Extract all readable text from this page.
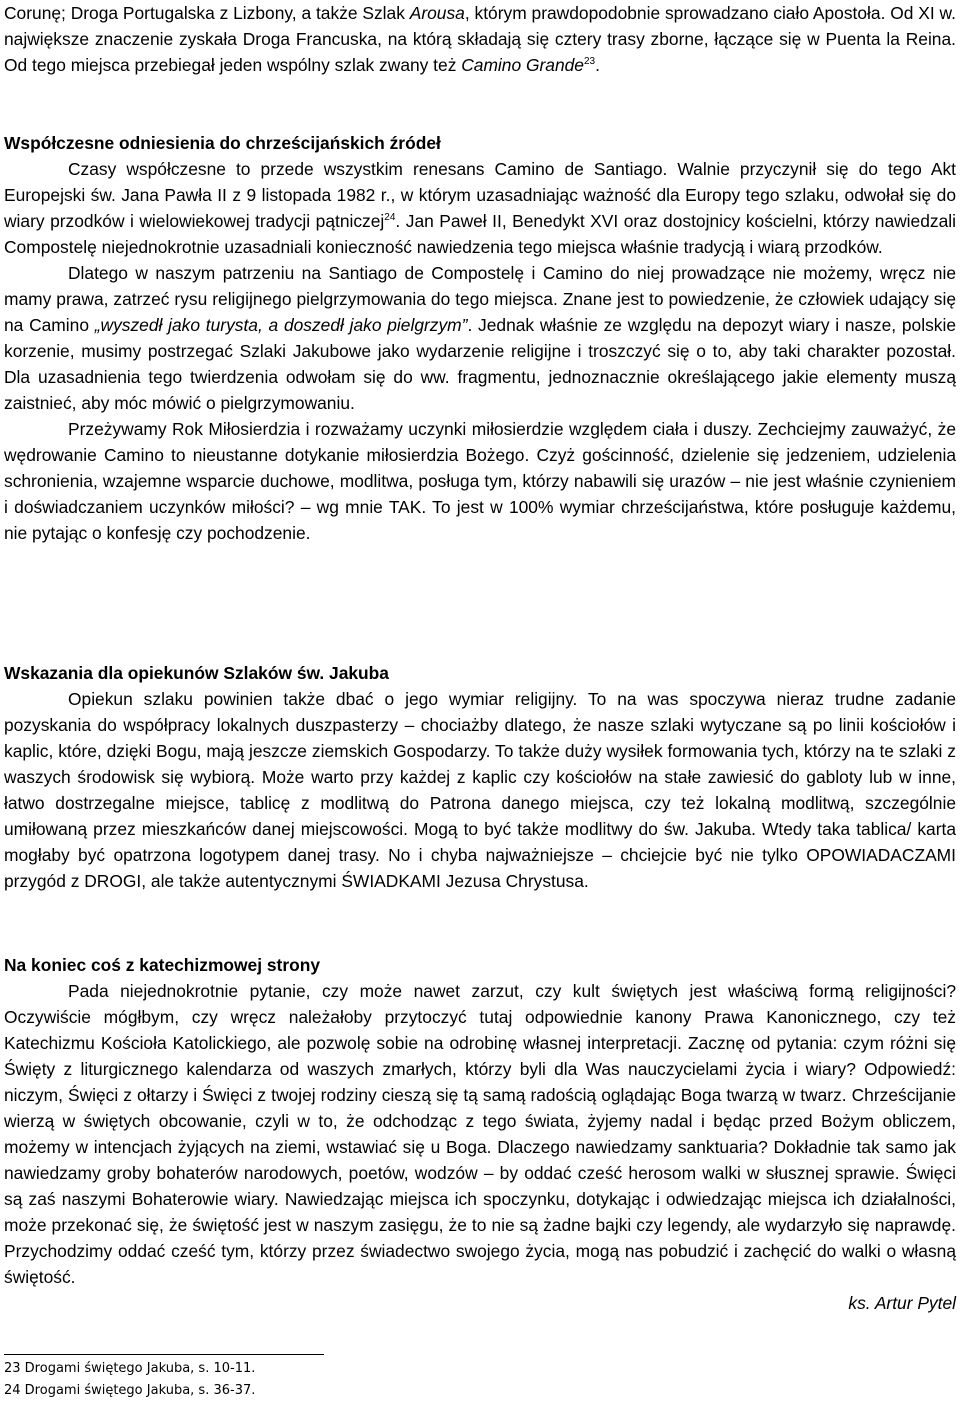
Corunę; Droga Portugalska z Lizbony, a także Szlak Arousa, którym prawdopodobnie sprowadzano ciało Apostoła. Od XI w. największe znaczenie zyskała Droga Francuska, na którą składają się cztery trasy zborne, łączące się w Puenta la Reina. Od tego miejsca przebiegał jeden wspólny szlak zwany też Camino Grande$^{23}$.

Współczesne odniesienia do chrześcijańskich źródeł

Czasy współczesne to przede wszystkim renesans Camino de Santiago. Walnie przyczynił się do tego Akt Europejski św. Jana Pawła II z 9 listopada 1982 r., w którym uzasadniając ważność dla Europy tego szlaku, odwołał się do wiary przodków i wielowiekowej tradycji pątniczej$^{24}$. Jan Paweł II, Benedykt XVI oraz dostojnicy kościelni, którzy nawiedzali Compostelę niejednokrotnie uzasadniali konieczność nawiedzenia tego miejsca właśnie tradycją i wiarą przodków.

Dlatego w naszym patrzeniu na Santiago de Compostelę i Camino do niej prowadzące nie możemy, wręcz nie mamy prawa, zatrzeć rysu religijnego pielgrzymowania do tego miejsca. Znane jest to powiedzenie, że człowiek udający się na Camino „wyszedł jako turysta, a doszedł jako pielgrzym”. Jednak właśnie ze względu na depozyt wiary i nasze, polskie korzenie, musimy postrzegać Szlaki Jakubowe jako wydarzenie religijne i troszczyć się o to, aby taki charakter pozostał. Dla uzasadnienia tego twierdzenia odwołam się do ww. fragmentu, jednoznacznie określającego jakie elementy muszą zaistnieć, aby móc mówić o pielgrzymowaniu.

Przeżywamy Rok Miłosierdzia i rozważamy uczynki miłosierdzie względem ciała i duszy. Zechciejmy zauważyć, że wędrowanie Camino to nieustanne dotykanie miłosierdzia Bożego. Czyż gościnność, dzielenie się jedzeniem, udzielenia schronienia, wzajemne wsparcie duchowe, modlitwa, posługa tym, którzy nabawili się urazów – nie jest właśnie czynieniem i doświadczaniem uczynków miłości? – wg mnie TAK. To jest w 100% wymiar chrześcijaństwa, które posługuje każdemu, nie pytając o konfesję czy pochodzenie.

Wskazania dla opiekunów Szlaków św. Jakuba

Opiekun szlaku powinien także dbać o jego wymiar religijny. To na was spoczywa nieraz trudne zadanie pozyskania do współpracy lokalnych duszpasterzy – chociażby dlatego, że nasze szlaki wytyczane są po linii kościołów i kaplic, które, dzięki Bogu, mają jeszcze ziemskich Gospodarzy. To także duży wysiłek formowania tych, którzy na te szlaki z waszych środowisk się wybiorą. Może warto przy każdej z kaplic czy kościołów na stałe zawiesić do gabloty lub w inne, łatwo dostrzegalne miejsce, tablicę z modlitwą do Patrona danego miejsca, czy też lokalną modlitwą, szczególnie umiłowaną przez mieszkańców danej miejscowości. Mogą to być także modlitwy do św. Jakuba. Wtedy taka tablica/ karta mogłaby być opatrzona logotypem danej trasy. No i chyba najważniejsze – chciejcie być nie tylko OPOWIADACZAMI przygód z DROGI, ale także autentycznymi ŚWIADKAMI Jezusa Chrystusa.

Na koniec coś z katechizmowej strony

Pada niejednokrotnie pytanie, czy może nawet zarzut, czy kult świętych jest właściwą formą religijności? Oczywiście mógłbym, czy wręcz należałoby przytoczyć tutaj odpowiednie kanony Prawa Kanonicznego, czy też Katechizmu Kościoła Katolickiego, ale pozwolę sobie na odrobinę własnej interpretacji. Zacznę od pytania: czym różni się Święty z liturgicznego kalendarza od waszych zmarłych, którzy byli dla Was nauczycielami życia i wiary? Odpowiedź: niczym, Święci z ołtarzy i Święci z twojej rodziny cieszą się tą samą radością oglądając Boga twarzą w twarz. Chrześcijanie wierzą w świętych obcowanie, czyli w to, że odchodząc z tego świata, żyjemy nadal i będąc przed Bożym obliczem, możemy w intencjach żyjących na ziemi, wstawiać się u Boga. Dlaczego nawiedzamy sanktuaria? Dokładnie tak samo jak nawiedzamy groby bohaterów narodowych, poetów, wodzów – by oddać cześć herosom walki w słusznej sprawie. Święci są zaś naszymi Bohaterowie wiary. Nawiedzając miejsca ich spoczynku, dotykając i odwiedzając miejsca ich działalności, może przekonać się, że świętość jest w naszym zasięgu, że to nie są żadne bajki czy legendy, ale wydarzyło się naprawdę. Przychodzimy oddać cześć tym, którzy przez świadectwo swojego życia, mogą nas pobudzić i zachęcić do walki o własną świętość.

ks. Artur Pytel

23 Drogami świętego Jakuba, s. 10-11.
24 Drogami świętego Jakuba, s. 36-37.
